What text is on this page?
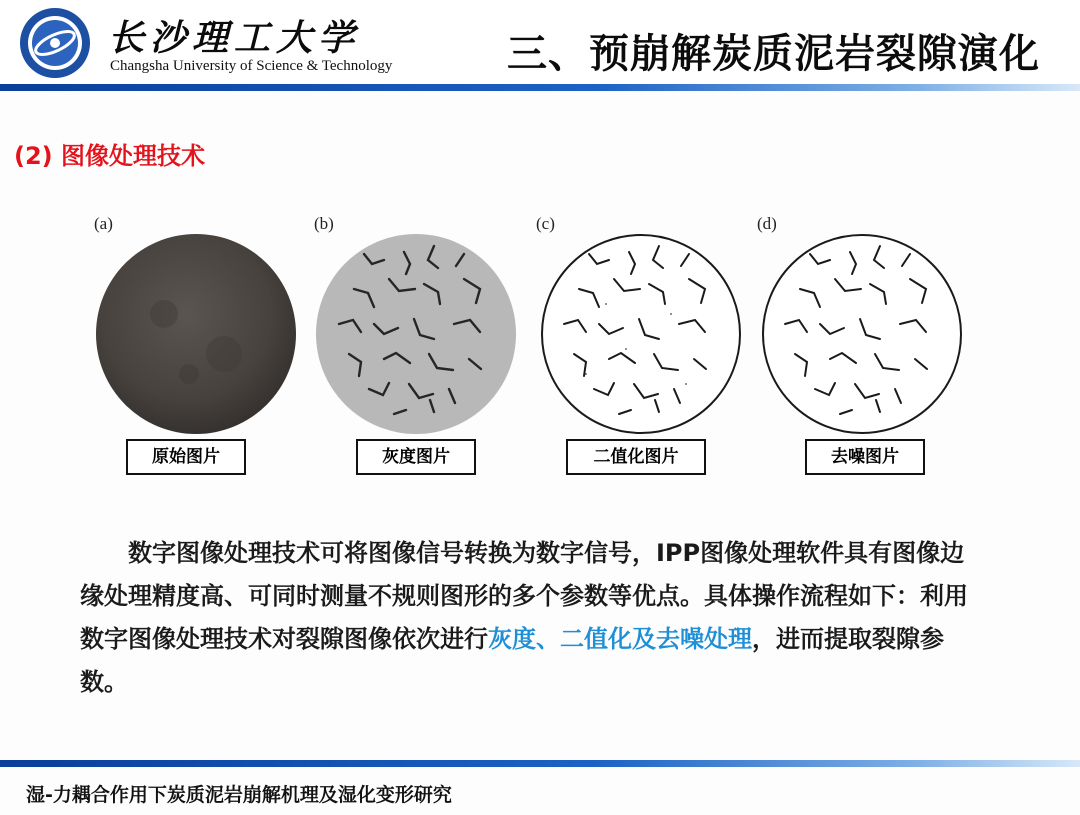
长沙理工大学
Changsha University of Science & Technology	三、预崩解炭质泥岩裂隙演化
(2) 图像处理技术
(a)
原始图片
(b)
灰度图片
(c)
二值化图片
(d)
去噪图片

数字图像处理技术可将图像信号转换为数字信号，IPP图像处理软件具有图像边缘处理精度高、可同时测量不规则图形的多个参数等优点。具体操作流程如下：利用数字图像处理技术对裂隙图像依次进行灰度、二值化及去噪处理，进而提取裂隙参数。

湿-力耦合作用下炭质泥岩崩解机理及湿化变形研究
